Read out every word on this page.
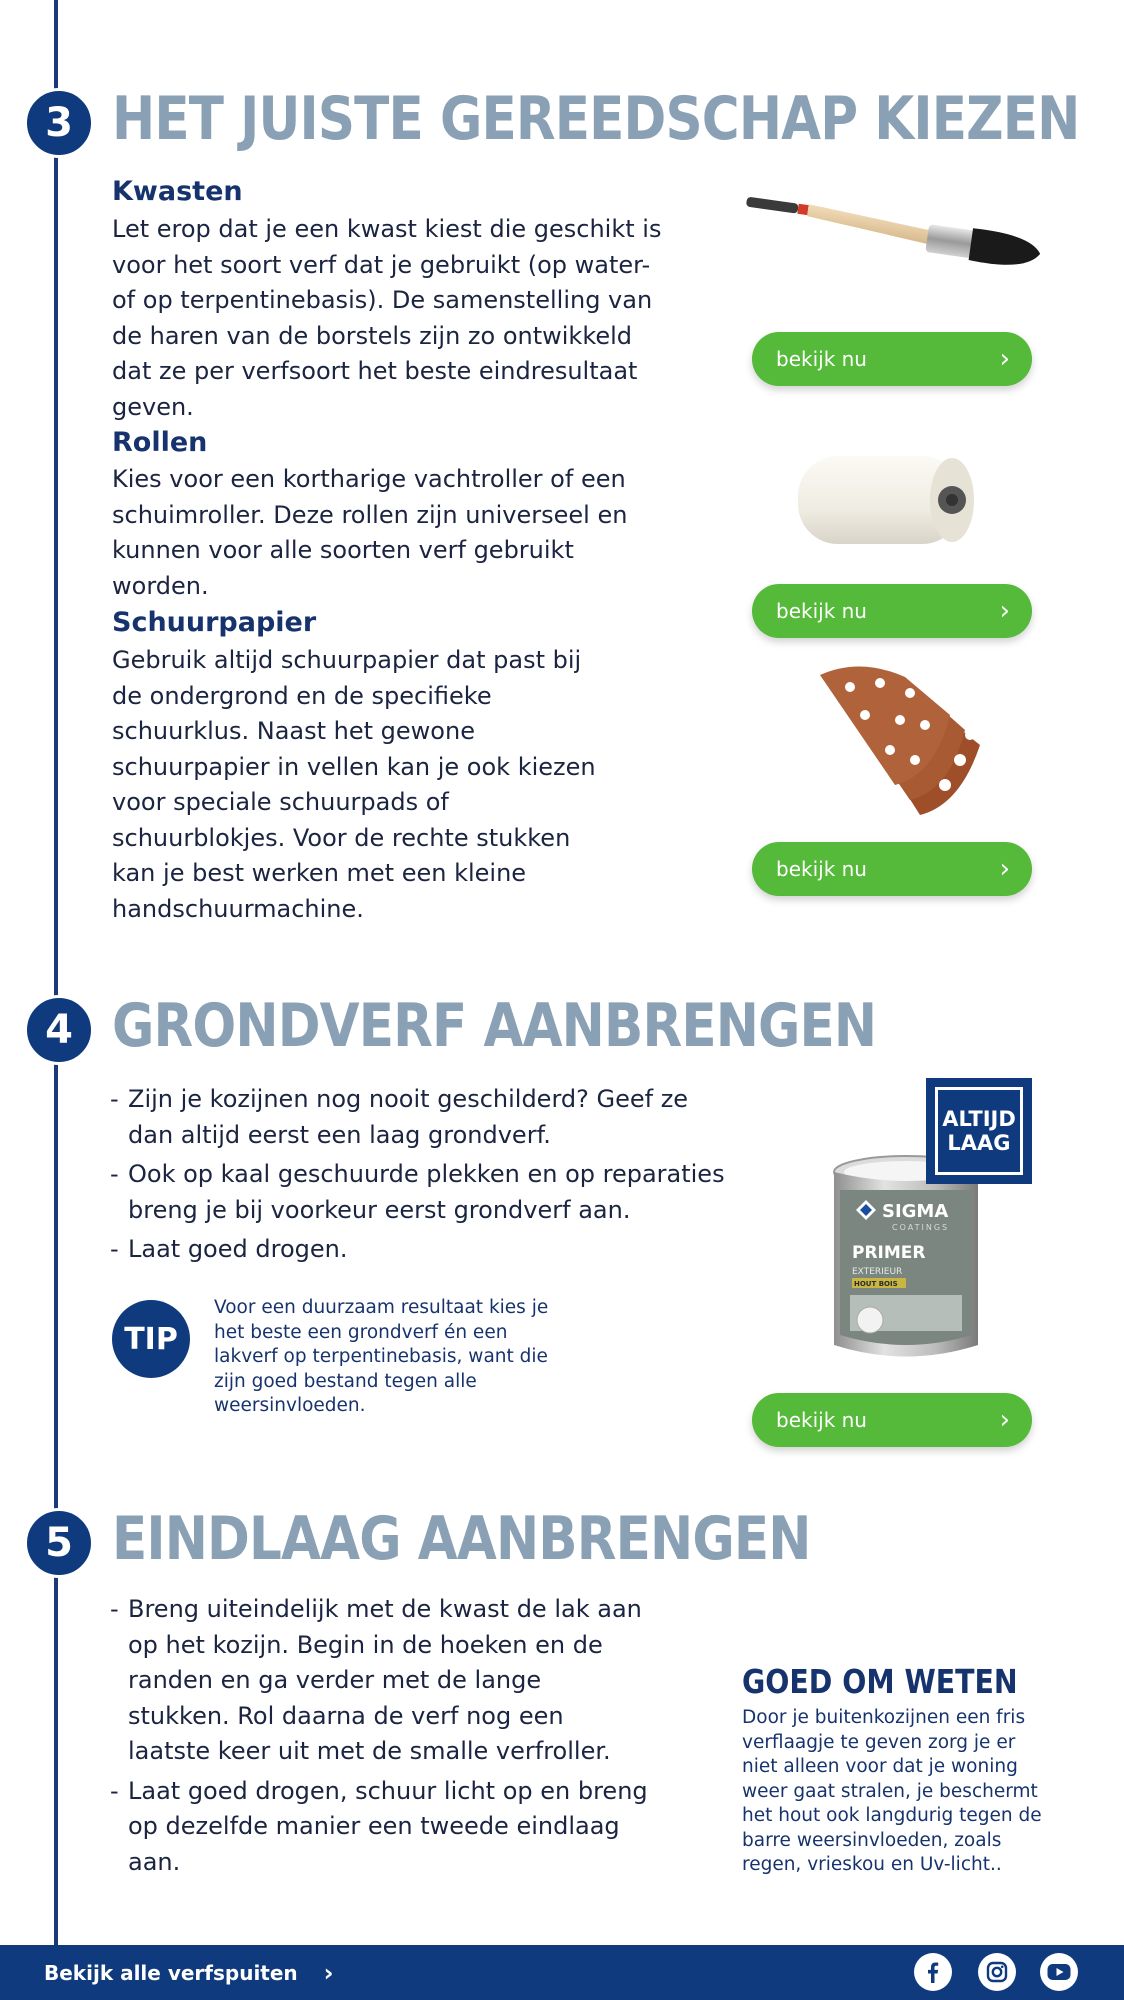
3 HET JUISTE GEREEDSCHAP KIEZEN
Kwasten

Let erop dat je een kwast kiest die geschikt is voor het soort verf dat je gebruikt (op water- of op terpentinebasis). De samenstelling van de haren van de borstels zijn zo ontwikkeld dat ze per verfsoort het beste eindresultaat geven.

bekijk nu	›
Rollen

Kies voor een kortharige vachtroller of een schuimroller. Deze rollen zijn universeel en kunnen voor alle soorten verf gebruikt worden.

bekijk nu	›
Schuurpapier

Gebruik altijd schuurpapier dat past bij de ondergrond en de specifieke schuurklus. Naast het gewone schuurpapier in vellen kan je ook kiezen voor speciale schuurpads of schuurblokjes. Voor de rechte stukken kan je best werken met een kleine handschuurmachine.

bekijk nu	›
4 GRONDVERF AANBRENGEN
- Zijn je kozijnen nog nooit geschilderd? Geef ze dan altijd eerst een laag grondverf.
- Ook op kaal geschuurde plekken en op reparaties breng je bij voorkeur eerst grondverf aan.
- Laat goed drogen.
TIP

Voor een duurzaam resultaat kies je het beste een grondverf én een lakverf op terpentinebasis, want die zijn goed bestand tegen alle weersinvloeden.

SIGMA
COATINGS
PRIMER
EXTERIEUR
HOUT BOIS
ALTIJD
LAAG
bekijk nu	›
5 EINDLAAG AANBRENGEN
- Breng uiteindelijk met de kwast de lak aan op het kozijn. Begin in de hoeken en de randen en ga verder met de lange stukken. Rol daarna de verf nog een laatste keer uit met de smalle verfroller.
- Laat goed drogen, schuur licht op en breng op dezelfde manier een tweede eindlaag aan.
GOED OM WETEN

Door je buitenkozijnen een fris verflaagje te geven zorg je er niet alleen voor dat je woning weer gaat stralen, je beschermt het hout ook langdurig tegen de barre weersinvloeden, zoals regen, vrieskou en Uv-licht..

Bekijk alle verfspuiten ›
